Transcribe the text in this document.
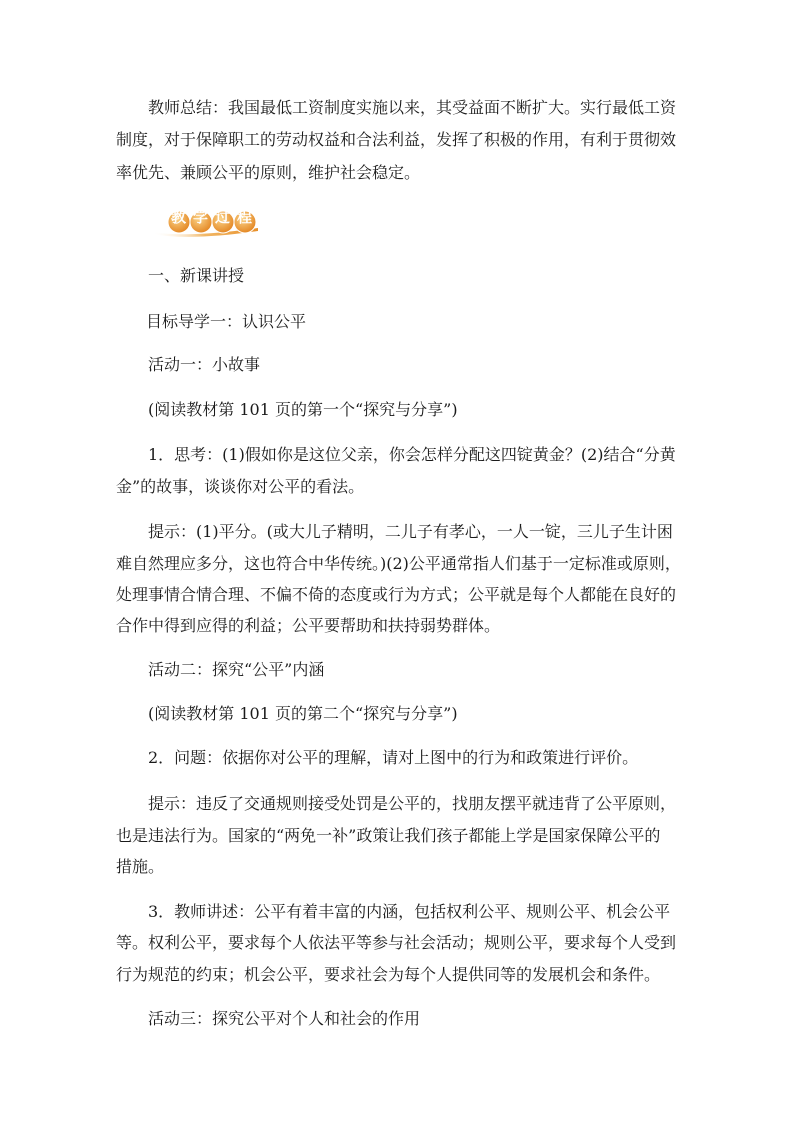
教师总结：我国最低工资制度实施以来，其受益面不断扩大。实行最低工资

制度，对于保障职工的劳动权益和合法利益，发挥了积极的作用，有利于贯彻效

率优先、兼顾公平的原则，维护社会稳定。

教 学 过 程

一、新课讲授

目标导学一：认识公平

活动一：小故事

(阅读教材第 101 页的第一个“探究与分享”)

1．思考：(1)假如你是这位父亲，你会怎样分配这四锭黄金？(2)结合“分黄

金”的故事，谈谈你对公平的看法。

提示：(1)平分。(或大儿子精明，二儿子有孝心，一人一锭，三儿子生计困

难自然理应多分，这也符合中华传统。)(2)公平通常指人们基于一定标准或原则，

处理事情合情合理、不偏不倚的态度或行为方式；公平就是每个人都能在良好的

合作中得到应得的利益；公平要帮助和扶持弱势群体。

活动二：探究“公平”内涵

(阅读教材第 101 页的第二个“探究与分享”)

2．问题：依据你对公平的理解，请对上图中的行为和政策进行评价。

提示：违反了交通规则接受处罚是公平的，找朋友摆平就违背了公平原则，

也是违法行为。国家的“两免一补”政策让我们孩子都能上学是国家保障公平的

措施。

3．教师讲述：公平有着丰富的内涵，包括权利公平、规则公平、机会公平

等。权利公平，要求每个人依法平等参与社会活动；规则公平，要求每个人受到

行为规范的约束；机会公平，要求社会为每个人提供同等的发展机会和条件。

活动三：探究公平对个人和社会的作用
